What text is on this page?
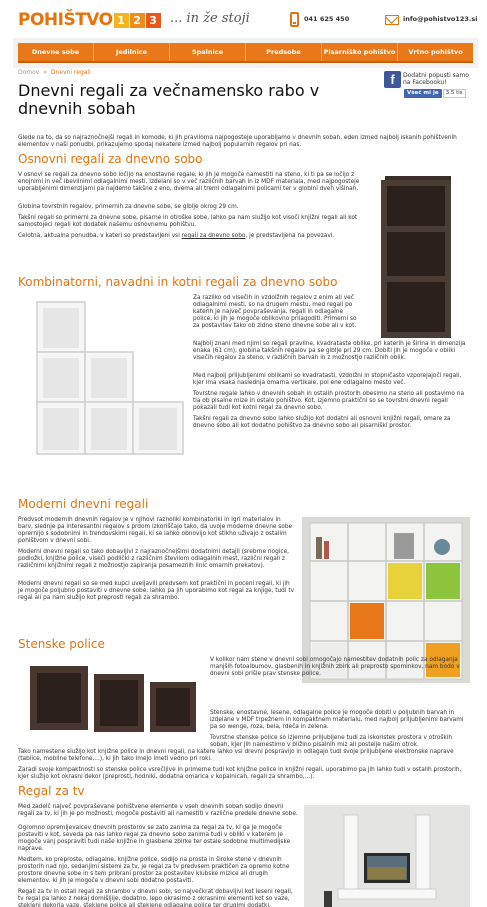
POHIŠTVO 1 2 3 ... in že stoji	041 625 450	info@pohistvo123.si
Dnevne sobe	Jedilnice	Spalnice	Predsobe	Pisarniško pohištvo	Vrtno pohištvo
Domov » Dnevni regali	f	Dodatni popusti samo na Facebooku!
Všeč mi je	3.5 tis
Dnevni regali za večnamensko rabo v dnevnih sobah

Glede na to, da so najraznočnejši regali in komode, ki jih praviloma najpogosteje uporabljamo v dnevnih sobah, eden izmed najbolj iskanih pohištvenih elementov v naši ponudbi, prikazujemo spodaj nekatere izmed najbolj popularnih regalov pri nas.

Osnovni regali za dnevno sobo

V osnovi se regali za dnevno sobo ločijo na enostavne regale, ki jih je mogoče namestiti na steno, ki ti pa se ločijo z enojnimi in več ibevilnimi odlagalnimi mesti. Izdelani so v več različnih barvah in iz MDF materiala, med najpogosteje uporabljenimi dimenzijami pa najdemo takšne z eno, dvema ali tremi odlagalnimi policami ter v globini dveh višinah.

Globina tovrstnih regalov, primernih za dnevne sobe, se giblje okrog 29 cm.

Takšni regali so primerni za dnevne sobe, pisarne in otroške sobe, lahko pa nam služijo kot visoči knjižni regali ali kot samostojeci regali kot dodatek našemu osnovnemu pohištvu.

Celotna, aktualna ponudba, v kateri so predstavljeni vsi regali za dnevno sobo, je predstavljena na povezavi.

Kombinatorni, navadni in kotni regali za dnevno sobo

Za razliko od visečih in vzdolžnih regalov z enim ali več odlagalnimi mesti, so na drugem mestu, med regali po katerih je največ povpraševanja, regali in odlagalne police, ki jih je mogoče oblikovno prilagoditi. Primerni so za postavitev tako ob zidno steno dnevne sobe ali v kot.

Najbolj znani med njimi so regali pravilne, kvadrataste oblike, pri katerih je širina in dimenzija enaka (61 cm), globina takšnih regalov pa se giblje pri 29 cm. Dobiti jih je mogoče v obliki visečih regalov za steno, v različnih barvah in z možnostjo različnih oblik.

Med najbolj priljubljenimi oblikami so kvadratasti, vzdolžni in stopničasto vzporejajoči regali, kjer ima vsaka naslednja omarna vertikale, pol ene odlagalno mesto več.

Tovrstne regale lahko v dnevnih sobah in ostalih prostorih obesimo na steno ali postavimo na tla ob pisalne mize in ostalo pohištvo. Kot, izjemno praktični so se tovrstni dnevni regali pokazali tudi kot kotni regal za dnevno sobo.

Takšni regali za dnevno sobo lahko služijo kot dodatni ali osnovni knjižni regali, omare za dnevno sobo ali kot dodatno pohištvo za dnevno sobo ali pisarniški prostor.

Moderni dnevni regali

Predvsot modernih dnevnih regalov je v njihovi raznoliki kombinatoriki in igri materialov in barv, slednje pa interesantni regalov s prdom izkoriščajo tako, da uvoje moderne dnevne sobe oprernijo s sodobnimi in trendovskimi regali, ki se lahko obnovijo kot stikho uživajo z ostalim pohištvom v dnevni sobi.

Moderni dnevni regali so tako dobavljivi z najraznočnejšimi dodatnimi detajli (srebrne nogice, podložki, knjižne police, viseči podlički z različnim številom odlagalnih mest, različni regali z različnimi knjižnimi regali z možnostjo zapiranja posameznih linic omarnih prekatov).

Moderni dnevni regali so se med kupci uveljavili predvsem kot praktični in poceni regali, ki jih je mogoče poljubno postaviti v dnevne sobe, lahko pa jih uporabimo kot regal za knjige, tudi tv regal ali pa nam služijo kot preprosti regali za shrambo.

Stenske police

V kolikor nam stene v dnevni sobi omogočajo namestitev dodatnih polic za odlaganja manjših fotoalbumov, glasbenih in knjižnih zbirk ali preprosto spominkov, nam bodo v dnevni sobi prišle prav stenske police.

Stenske, enostavne, lesene, odlagalne police je mogoče dobiti v poljubnih barvah in izdelane v MDF trpežnem in kompaktnem materialu, med najbolj priljubljenimi barvami pa so wenge, roza, bela, rdeča in zelena.

Tovrstne stenske police so izjemno priljubljene tudi za iskoristek prostora v otroških sobah, kjer jih namestimo v bližino pisalnih miz ali postelje našim otrok.

Tako namestene služijo kot knjižne police in dnevni regali, na katere lahko vsi drevni pospravijo in odlagajo tudi svoje priljubljene elektronske naprave (tablice, mobilne telefone,...), ki jih tako imejo imeti vedno pri roki.

Zaradi svoje kompaktnosti so stenske police vsrečljive in primerne tudi kot knjižne police in knjižni regali, uporabimo pa jih lahko tudi v ostalih prostorih, kjer služijo kot okrasni dekor (preprosti, hodniki, dodatna omarica v kopalnicah, regali za shrambo,...).

Regal za tv

Med zadelč največ povpraševane pohištvene elemente v vseh dnevnih sobah sodijo dnevni regali za tv, ki jih je po možnosti, mogoče postaviti ali namestiti v različne predele dnevne sobe.

Ogromno opremljevalcev dnevnih prostorov se zato zanima za regal za tv, ki ga je mogoče postaviti v kot, seveda pa nas lahko regal za dnevno sobo zanima tudi v obliki v katerem je mogoče vanj pospraviti tudi naše knjižne in glasbene zbirke ter ostale sodobne multimedijske naprave.

Medtem, ko preproste, odlagalne, knjižne police, sodijo na prosta in široke stene v dnevnih prostorih nad njo, sedanjimi sistemi za tv, je regal za tv predvsem praktičen za opremo kotne prostore dnevne sobe in s tem pribrani prostor za postavitev klubske mizice ali drugih elementov, ki jih je mogoče v dnevni sobi dodatno postaviti.

Regali za tv in ostali regali za shrambo v dnevni sobi, so največkrat dobavljivi kot leseni regali, tv regal pa lahko z nekaj domišljije, dodatno, lepo okrasimo z okrasnimi elementi kot so vaze, stekleni dekorja vaze, steklene police ali steklene odlagalne police ter drugimi dodatki.
